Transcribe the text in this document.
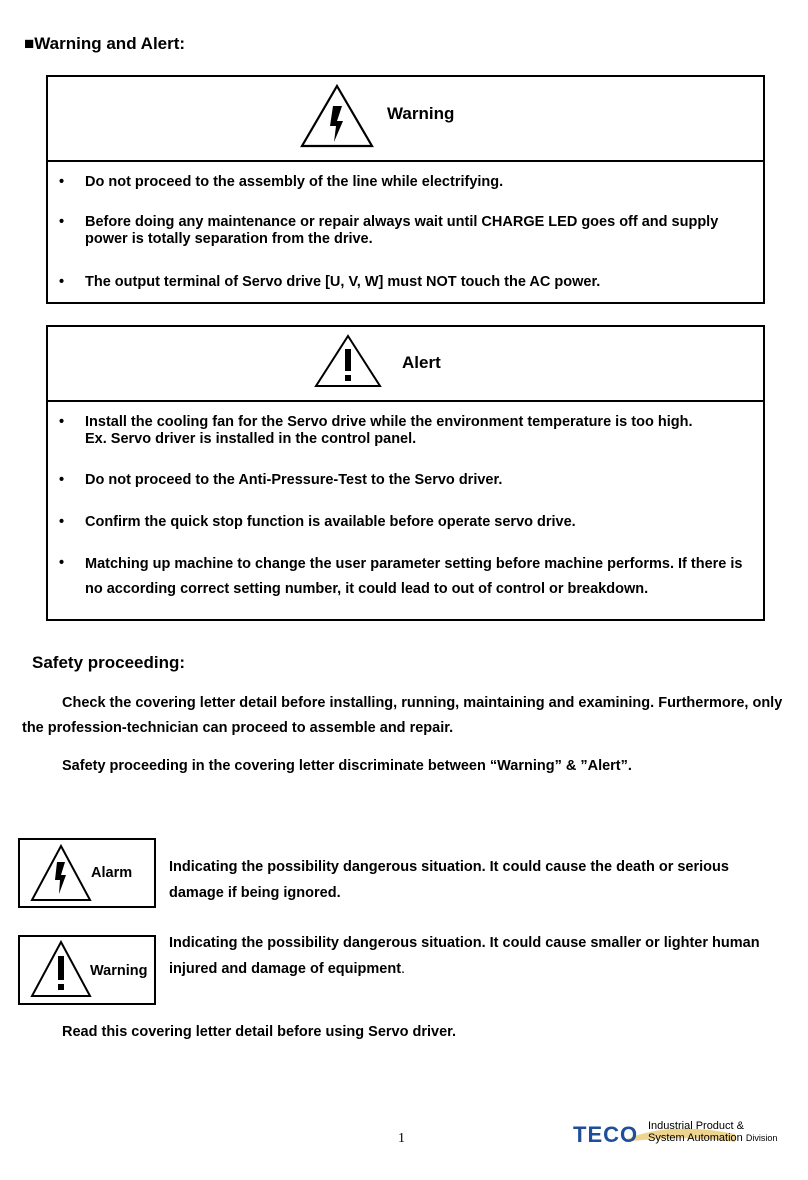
■Warning and Alert:
Warning
• Do not proceed to the assembly of the line while electrifying.
• Before doing any maintenance or repair always wait until CHARGE LED goes off and supply
power is totally separation from the drive.
• The output terminal of Servo drive [U, V, W] must NOT touch the AC power.
Alert
• Install the cooling fan for the Servo drive while the environment temperature is too high.
Ex. Servo driver is installed in the control panel.
• Do not proceed to the Anti-Pressure-Test to the Servo driver.
• Confirm the quick stop function is available before operate servo drive.
• Matching up machine to change the user parameter setting before machine performs. If there is
no according correct setting number, it could lead to out of control or breakdown.
Safety proceeding:
Check the covering letter detail before installing, running, maintaining and examining. Furthermore, only
the profession-technician can proceed to assemble and repair.
Safety proceeding in the covering letter discriminate between “Warning” & ”Alert”.
Alarm	Indicating the possibility dangerous situation. It could cause the death or serious
damage if being ignored.
Warning
Indicating the possibility dangerous situation. It could cause smaller or lighter human
injured and damage of equipment.
Read this covering letter detail before using Servo driver.
1	TECO Industrial Product &
System Automation Division
